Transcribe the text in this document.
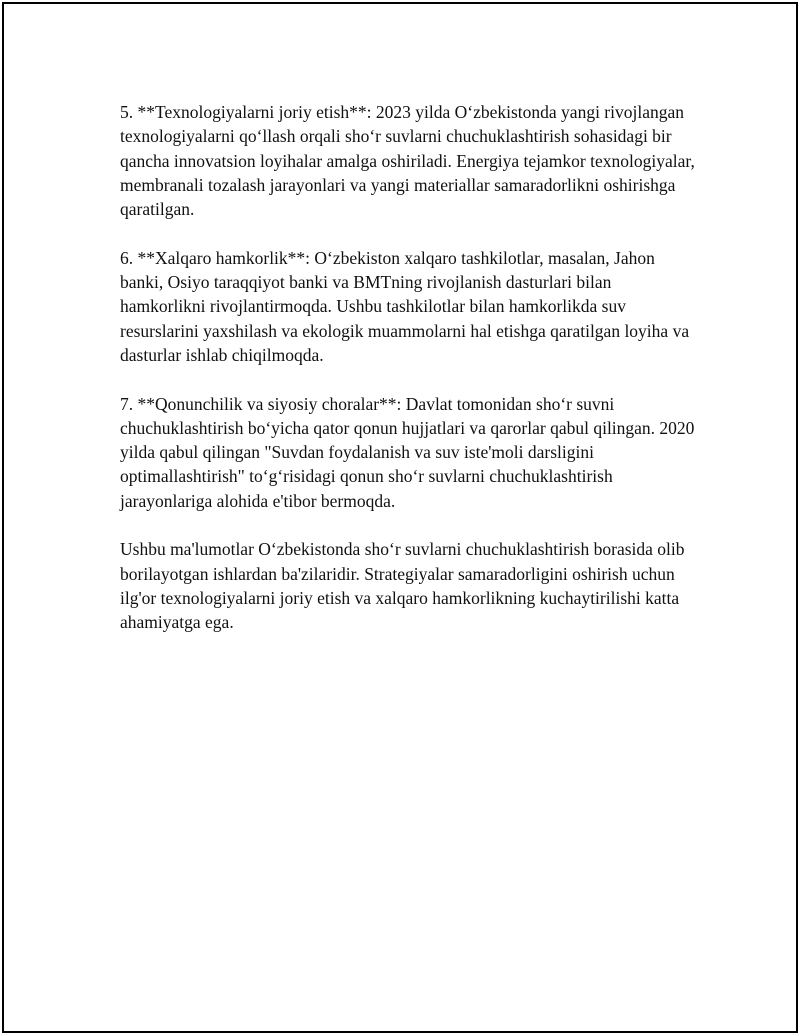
5. **Texnologiyalarni joriy etish**: 2023 yilda O‘zbekistonda yangi rivojlangan texnologiyalarni qo‘llash orqali sho‘r suvlarni chuchuklashtirish sohasidagi bir qancha innovatsion loyihalar amalga oshiriladi. Energiya tejamkor texnologiyalar, membranali tozalash jarayonlari va yangi materiallar samaradorlikni oshirishga qaratilgan.

6. **Xalqaro hamkorlik**: O‘zbekiston xalqaro tashkilotlar, masalan, Jahon banki, Osiyo taraqqiyot banki va BMTning rivojlanish dasturlari bilan hamkorlikni rivojlantirmoqda. Ushbu tashkilotlar bilan hamkorlikda suv resurslarini yaxshilash va ekologik muammolarni hal etishga qaratilgan loyiha va dasturlar ishlab chiqilmoqda.

7. **Qonunchilik va siyosiy choralar**: Davlat tomonidan sho‘r suvni chuchuklashtirish bo‘yicha qator qonun hujjatlari va qarorlar qabul qilingan. 2020 yilda qabul qilingan "Suvdan foydalanish va suv iste'moli darsligini optimallashtirish" to‘g‘risidagi qonun sho‘r suvlarni chuchuklashtirish jarayonlariga alohida e'tibor bermoqda.

Ushbu ma'lumotlar O‘zbekistonda sho‘r suvlarni chuchuklashtirish borasida olib borilayotgan ishlardan ba'zilaridir. Strategiyalar samaradorligini oshirish uchun ilg'or texnologiyalarni joriy etish va xalqaro hamkorlikning kuchaytirilishi katta ahamiyatga ega.
